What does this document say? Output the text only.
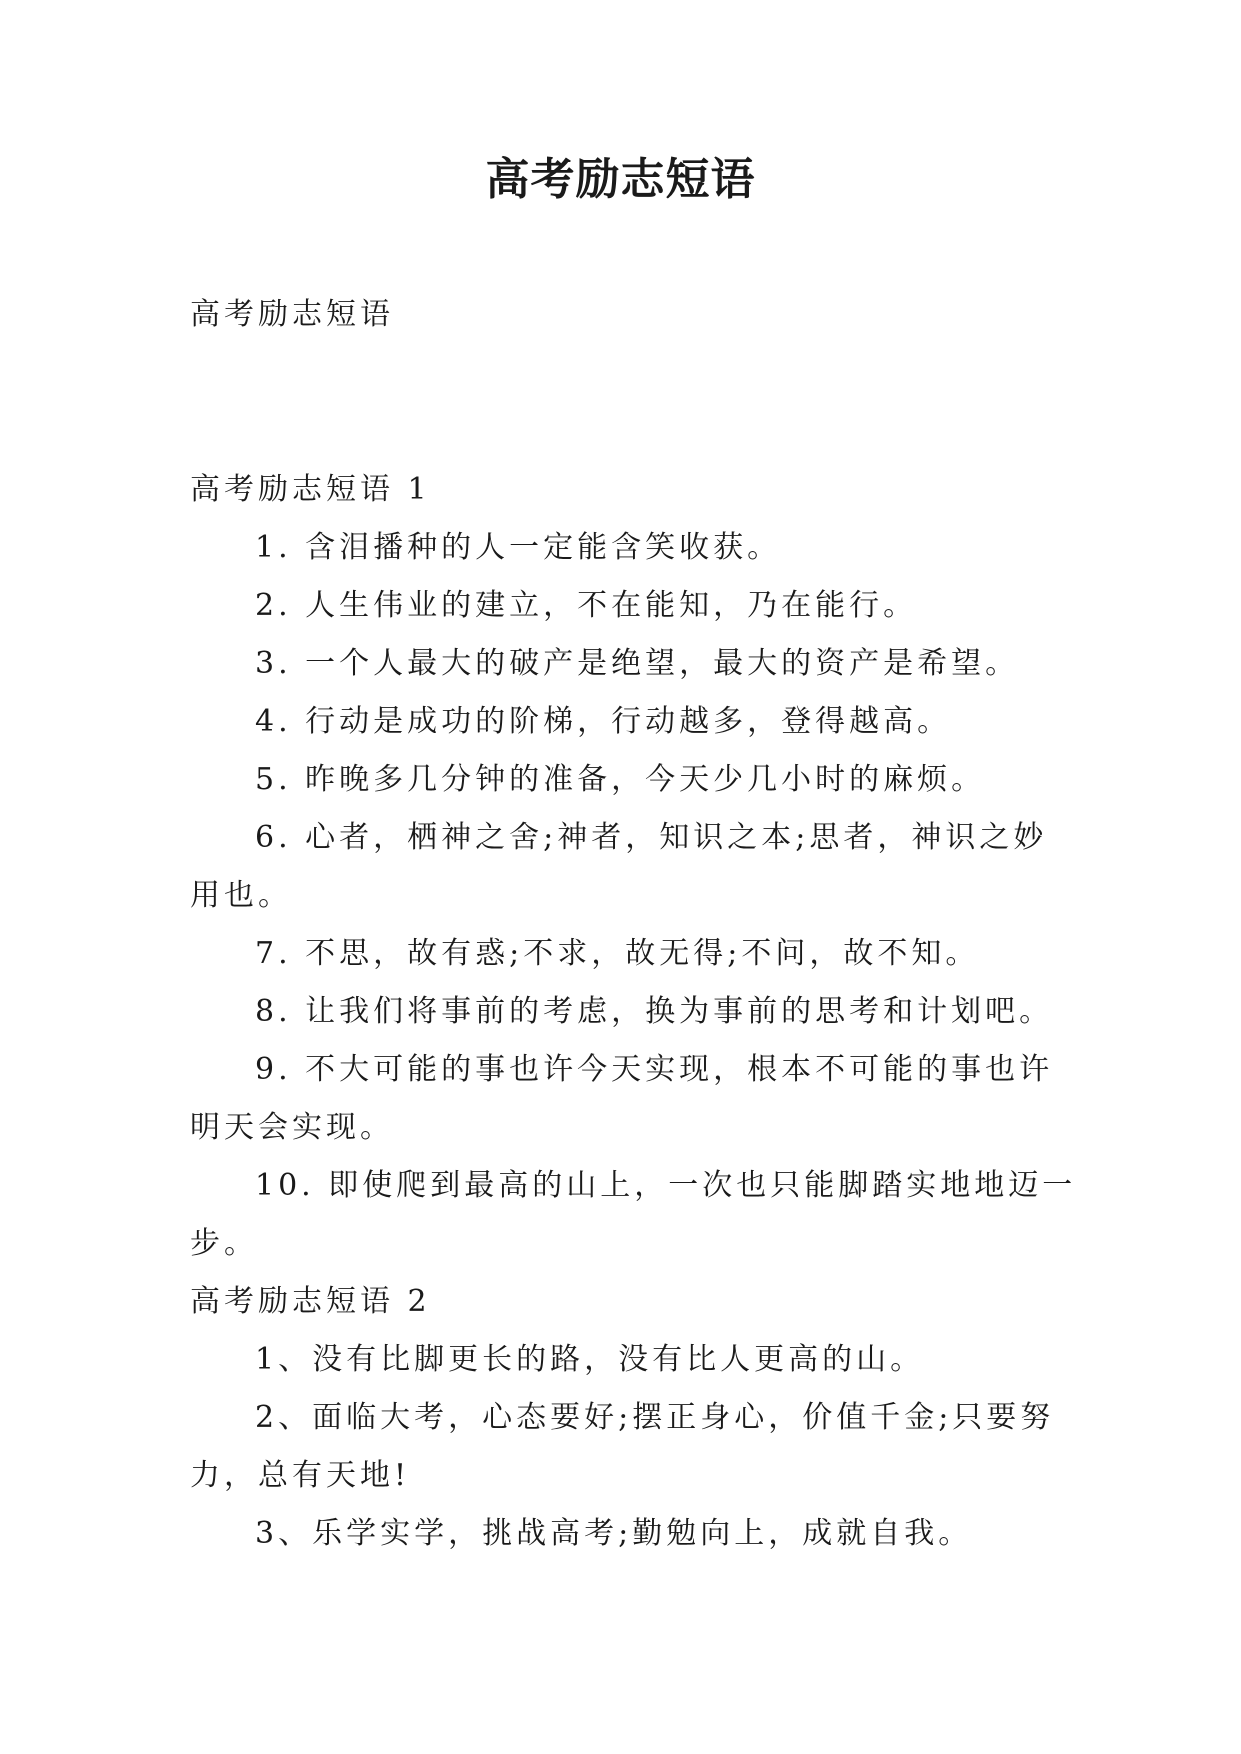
高考励志短语
高考励志短语
高考励志短语 1
1. 含泪播种的人一定能含笑收获。
2. 人生伟业的建立，不在能知，乃在能行。
3. 一个人最大的破产是绝望，最大的资产是希望。
4. 行动是成功的阶梯，行动越多，登得越高。
5. 昨晚多几分钟的准备，今天少几小时的麻烦。
6. 心者，栖神之舍;神者，知识之本;思者，神识之妙
用也。
7. 不思，故有惑;不求，故无得;不问，故不知。
8. 让我们将事前的考虑，换为事前的思考和计划吧。
9. 不大可能的事也许今天实现，根本不可能的事也许
明天会实现。
10. 即使爬到最高的山上，一次也只能脚踏实地地迈一
步。
高考励志短语 2
1、没有比脚更长的路，没有比人更高的山。
2、面临大考，心态要好;摆正身心，价值千金;只要努
力，总有天地!
3、乐学实学，挑战高考;勤勉向上，成就自我。
